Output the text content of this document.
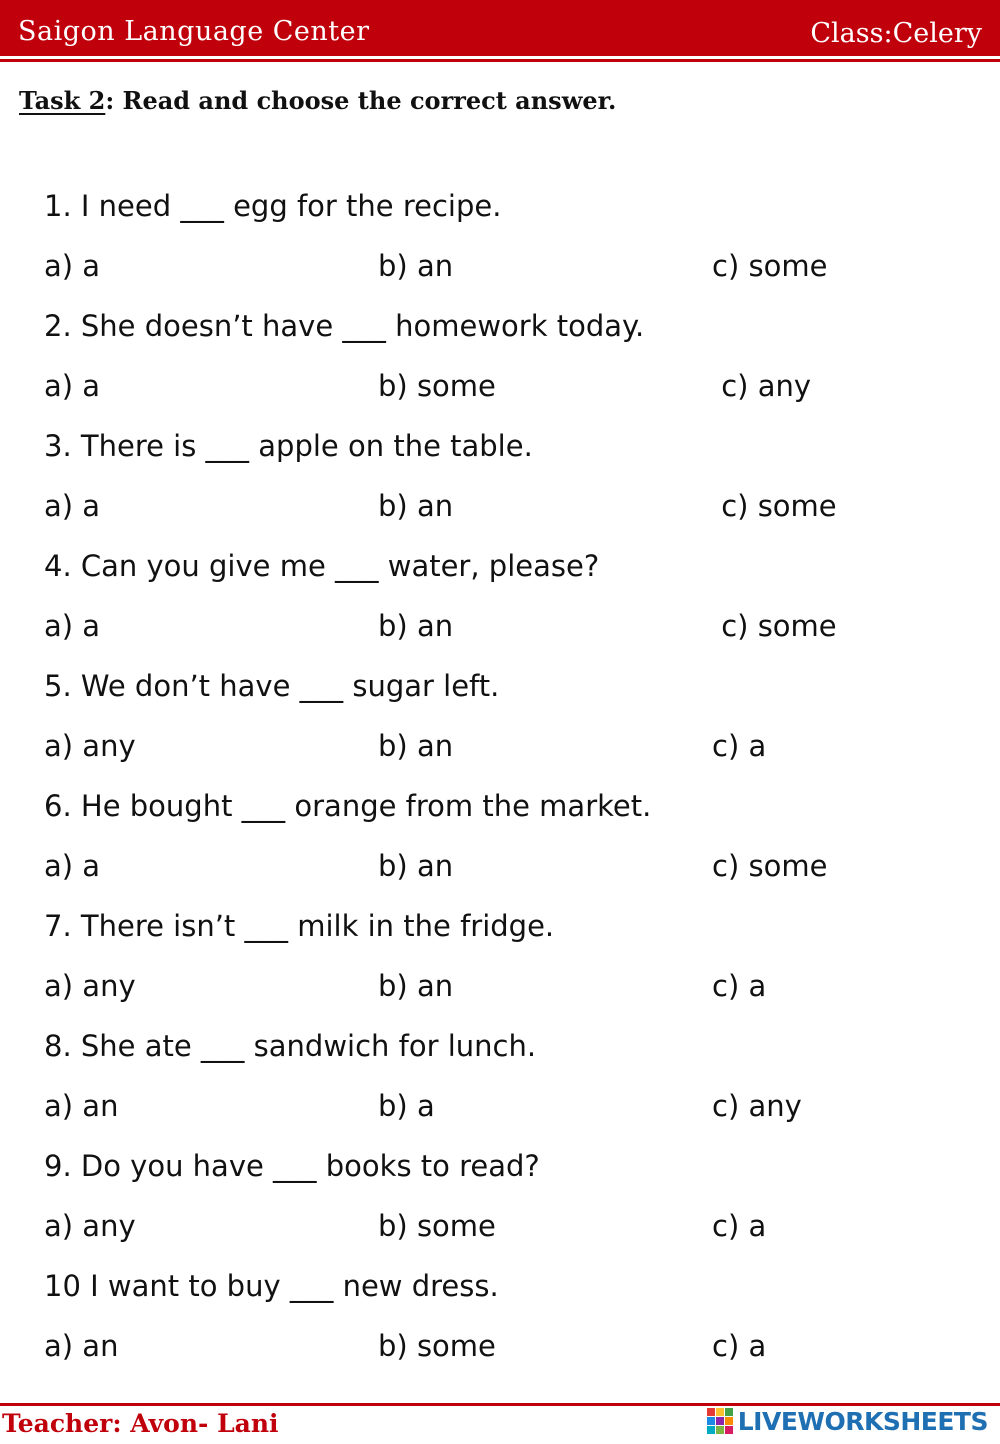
Saigon Language Center	Class:Celery
Task 2: Read and choose the correct answer.
1. I need ___ egg for the recipe.
a) a	b) an	c) some
2. She doesn’t have ___ homework today.
a) a	b) some	c) any
3. There is ___ apple on the table.
a) a	b) an	c) some
4. Can you give me ___ water, please?
a) a	b) an	c) some
5. We don’t have ___ sugar left.
a) any	b) an	c) a
6. He bought ___ orange from the market.
a) a	b) an	c) some
7. There isn’t ___ milk in the fridge.
a) any	b) an	c) a
8. She ate ___ sandwich for lunch.
a) an	b) a	c) any
9. Do you have ___ books to read?
a) any	b) some	c) a
10 I want to buy ___ new dress.
a) an	b) some	c) a
Teacher: Avon- Lani	LIVEWORKSHEETS
